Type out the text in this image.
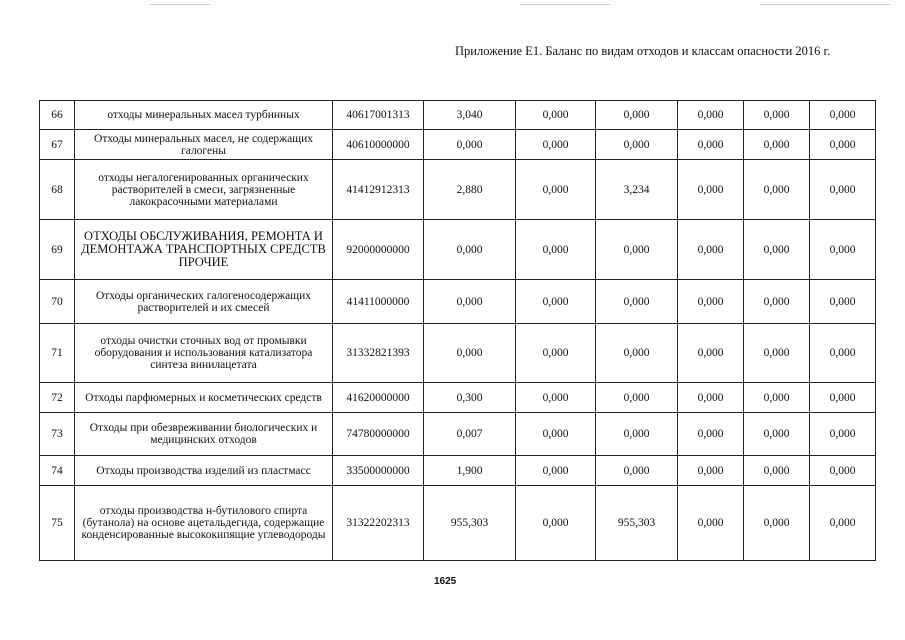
Приложение Е1. Баланс по видам отходов и классам опасности 2016 г.
66	отходы минеральных масел турбинных	40617001313	3,040	0,000	0,000	0,000	0,000	0,000
67	Отходы минеральных масел, не содержащих галогены	40610000000	0,000	0,000	0,000	0,000	0,000	0,000
68	отходы негалогенированных органических растворителей в смеси, загрязненные лакокрасочными материалами	41412912313	2,880	0,000	3,234	0,000	0,000	0,000
69	ОТХОДЫ ОБСЛУЖИВАНИЯ, РЕМОНТА И ДЕМОНТАЖА ТРАНСПОРТНЫХ СРЕДСТВ ПРОЧИЕ	92000000000	0,000	0,000	0,000	0,000	0,000	0,000
70	Отходы органических галогеносодержащих растворителей и их смесей	41411000000	0,000	0,000	0,000	0,000	0,000	0,000
71	отходы очистки сточных вод от промывки оборудования и использования катализатора синтеза винилацетата	31332821393	0,000	0,000	0,000	0,000	0,000	0,000
72	Отходы парфюмерных и косметических средств	41620000000	0,300	0,000	0,000	0,000	0,000	0,000
73	Отходы при обезвреживании биологических и медицинских отходов	74780000000	0,007	0,000	0,000	0,000	0,000	0,000
74	Отходы производства изделий из пластмасс	33500000000	1,900	0,000	0,000	0,000	0,000	0,000
75	отходы производства н-бутилового спирта (бутанола) на основе ацетальдегида, содержащие конденсированные высококипящие углеводороды	31322202313	955,303	0,000	955,303	0,000	0,000	0,000
1625
